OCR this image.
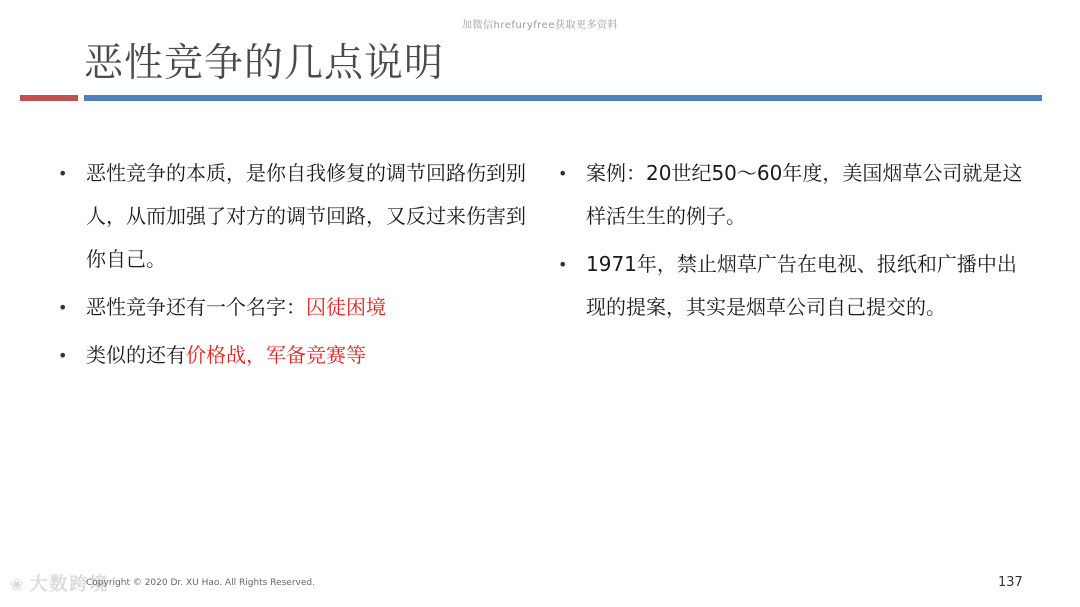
加微信hrefuryfree获取更多资料
恶性竞争的几点说明
• 恶性竞争的本质，是你自我修复的调节回路伤到别人，从而加强了对方的调节回路，又反过来伤害到你自己。
• 恶性竞争还有一个名字：囚徒困境
• 类似的还有价格战，军备竞赛等
• 案例：20世纪50～60年度，美国烟草公司就是这样活生生的例子。
• 1971年，禁止烟草广告在电视、报纸和广播中出现的提案，其实是烟草公司自己提交的。
❀ 大数跨境
Copyright © 2020 Dr. XU Hao. All Rights Reserved.	137
